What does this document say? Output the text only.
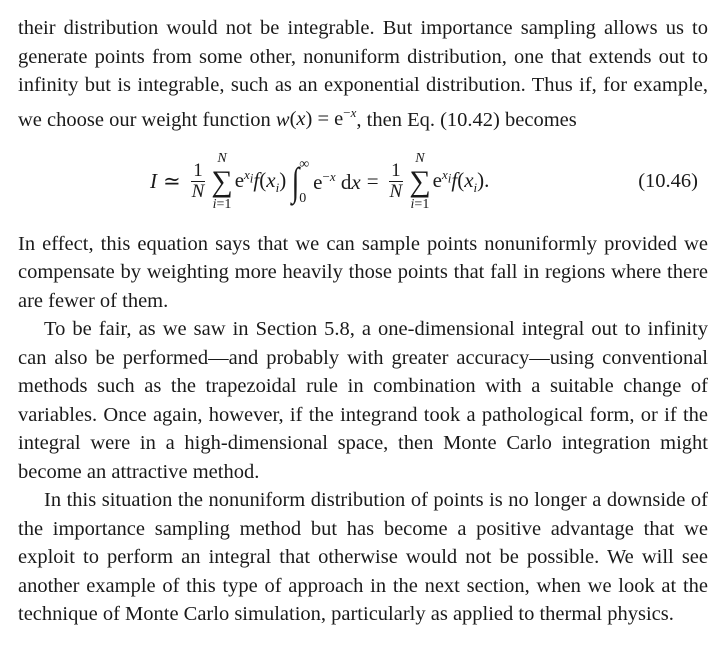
their distribution would not be integrable. But importance sampling allows us to generate points from some other, nonuniform distribution, one that extends out to infinity but is integrable, such as an exponential distribution. Thus if, for example, we choose our weight function $w(x) = e^{-x}$, then Eq. (10.42) becomes

I ≃ $\frac{1}{N}$
N
∑
i=1
$e^{x_i}f(x_i)$ ∫ ∞
0
$e^{-x}$ dx = $\frac{1}{N}$
N
∑
i=1
$e^{x_i}f(x_i)$.	(10.46)

In effect, this equation says that we can sample points nonuniformly provided we compensate by weighting more heavily those points that fall in regions where there are fewer of them.

To be fair, as we saw in Section 5.8, a one-dimensional integral out to infinity can also be performed—and probably with greater accuracy—using conventional methods such as the trapezoidal rule in combination with a suitable change of variables. Once again, however, if the integrand took a pathological form, or if the integral were in a high-dimensional space, then Monte Carlo integration might become an attractive method.

In this situation the nonuniform distribution of points is no longer a downside of the importance sampling method but has become a positive advantage that we exploit to perform an integral that otherwise would not be possible. We will see another example of this type of approach in the next section, when we look at the technique of Monte Carlo simulation, particularly as applied to thermal physics.
